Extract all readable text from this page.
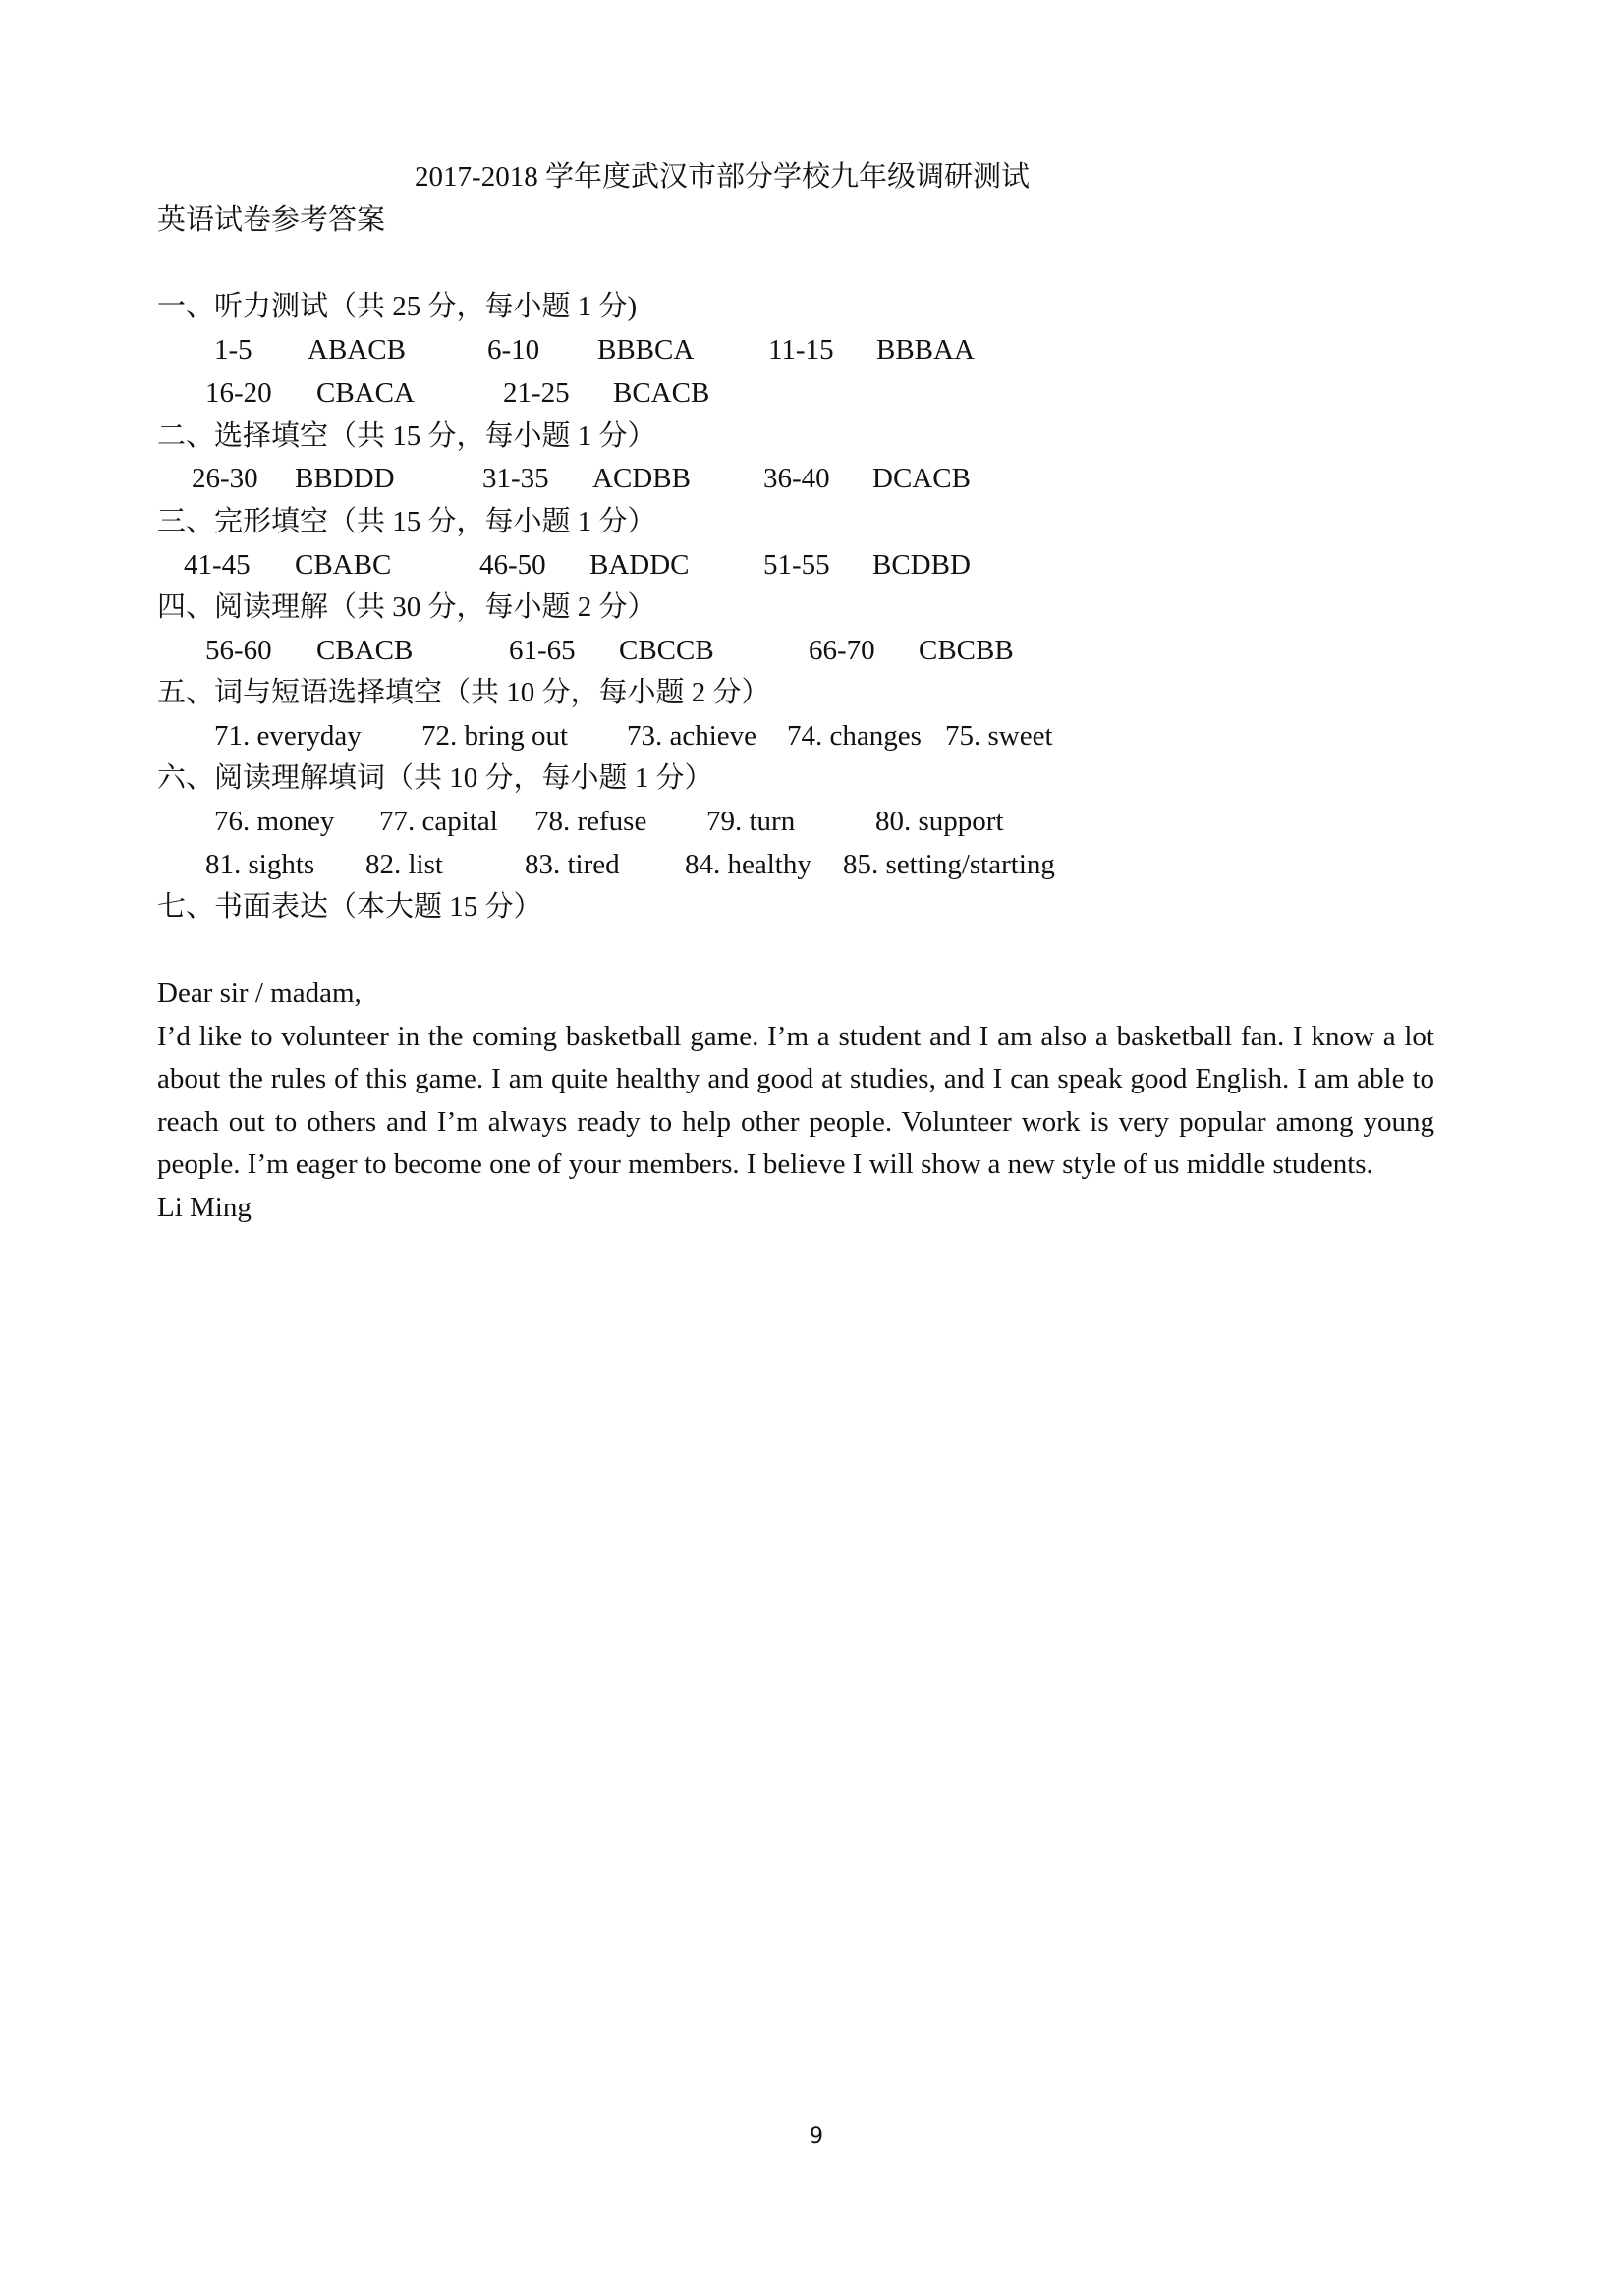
2017-2018 学年度武汉市部分学校九年级调研测试
英语试卷参考答案
一、听力测试（共 25 分，每小题 1 分)
1-5 ABACB	6-10 BBBCA	11-15 BBBAA
16-20 CBACA	21-25 BCACB
二、选择填空（共 15 分，每小题 1 分）
26-30 BBDDD	31-35 ACDBB	36-40 DCACB
三、完形填空（共 15 分，每小题 1 分）
41-45 CBABC	46-50 BADDC	51-55 BCDBD
四、阅读理解（共 30 分，每小题 2 分）
56-60 CBACB	61-65 CBCCB	66-70 CBCBB
五、词与短语选择填空（共 10 分，每小题 2 分）
71. everyday 72. bring out 73. achieve 74. changes 75. sweet
六、阅读理解填词（共 10 分，每小题 1 分）
76. money 77. capital 78. refuse 79. turn	80. support
81. sights 82. list	83. tired 84. healthy 85. setting/starting
七、书面表达（本大题 15 分）

Dear sir / madam,

I’d like to volunteer in the coming basketball game. I’m a student and I am also a basketball fan. I know a lot about the rules of this game. I am quite healthy and good at studies, and I can speak good English. I am able to reach out to others and I’m always ready to help other people. Volunteer work is very popular among young people. I’m eager to become one of your members. I believe I will show a new style of us middle students.

Li Ming

9
